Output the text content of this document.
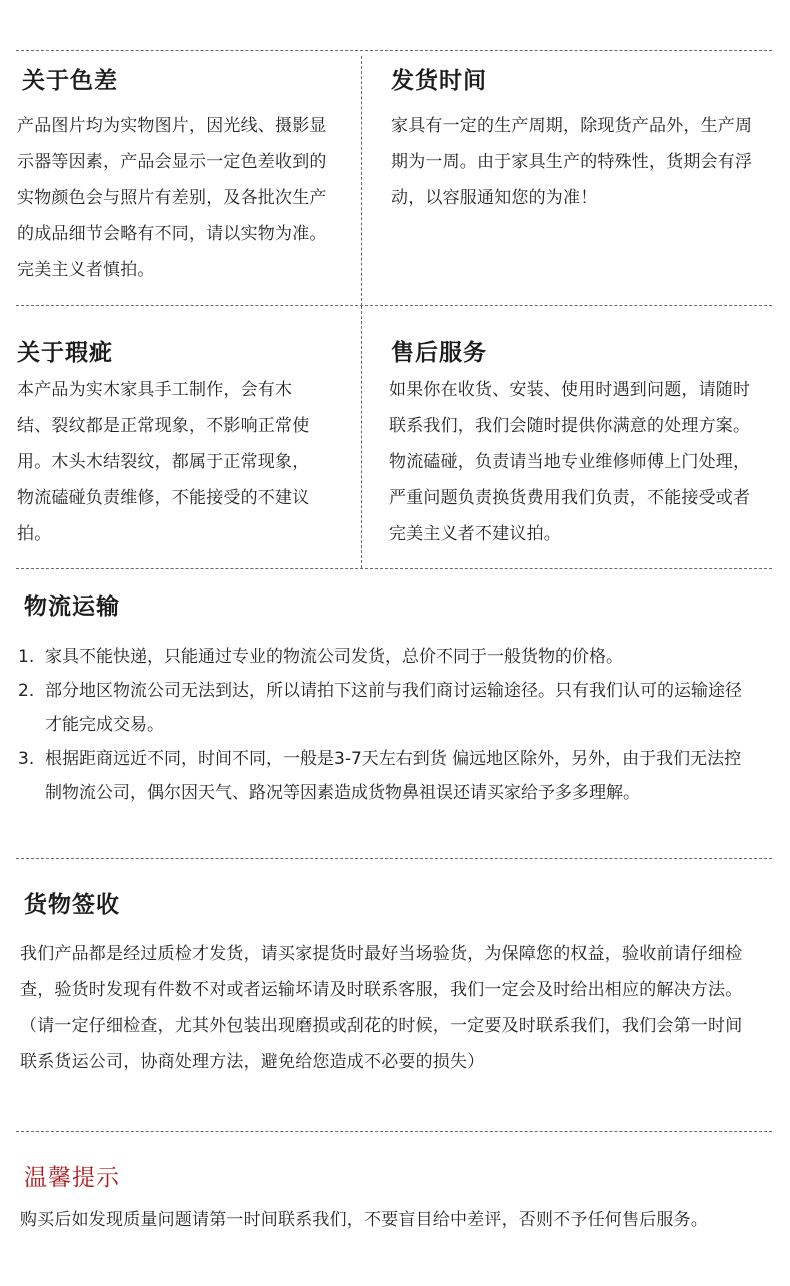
关于色差

产品图片均为实物图片，因光线、摄影显示器等因素，产品会显示一定色差收到的实物颜色会与照片有差别，及各批次生产的成品细节会略有不同，请以实物为准。完美主义者慎拍。

发货时间

家具有一定的生产周期，除现货产品外，生产周期为一周。由于家具生产的特殊性，货期会有浮动，以容服通知您的为准！

关于瑕疵

本产品为实木家具手工制作，会有木结、裂纹都是正常现象，不影响正常使用。木头木结裂纹，都属于正常现象，物流磕碰负责维修，不能接受的不建议拍。

售后服务

如果你在收货、安装、使用时遇到问题，请随时联系我们，我们会随时提供你满意的处理方案。物流磕碰，负责请当地专业维修师傅上门处理，严重问题负责换货费用我们负责，不能接受或者完美主义者不建议拍。

物流运输
1. 家具不能快递，只能通过专业的物流公司发货，总价不同于一般货物的价格。
2. 部分地区物流公司无法到达，所以请拍下这前与我们商讨运输途径。只有我们认可的运输途径才能完成交易。
3. 根据距商远近不同，时间不同，一般是3-7天左右到货 偏远地区除外，另外，由于我们无法控制物流公司，偶尔因天气、路况等因素造成货物鼻祖误还请买家给予多多理解。
货物签收

我们产品都是经过质检才发货，请买家提货时最好当场验货，为保障您的权益，验收前请仔细检查，验货时发现有件数不对或者运输坏请及时联系客服，我们一定会及时给出相应的解决方法。（请一定仔细检查，尤其外包装出现磨损或刮花的时候，一定要及时联系我们，我们会第一时间联系货运公司，协商处理方法，避免给您造成不必要的损失）

温馨提示

购买后如发现质量问题请第一时间联系我们，不要盲目给中差评，否则不予任何售后服务。
